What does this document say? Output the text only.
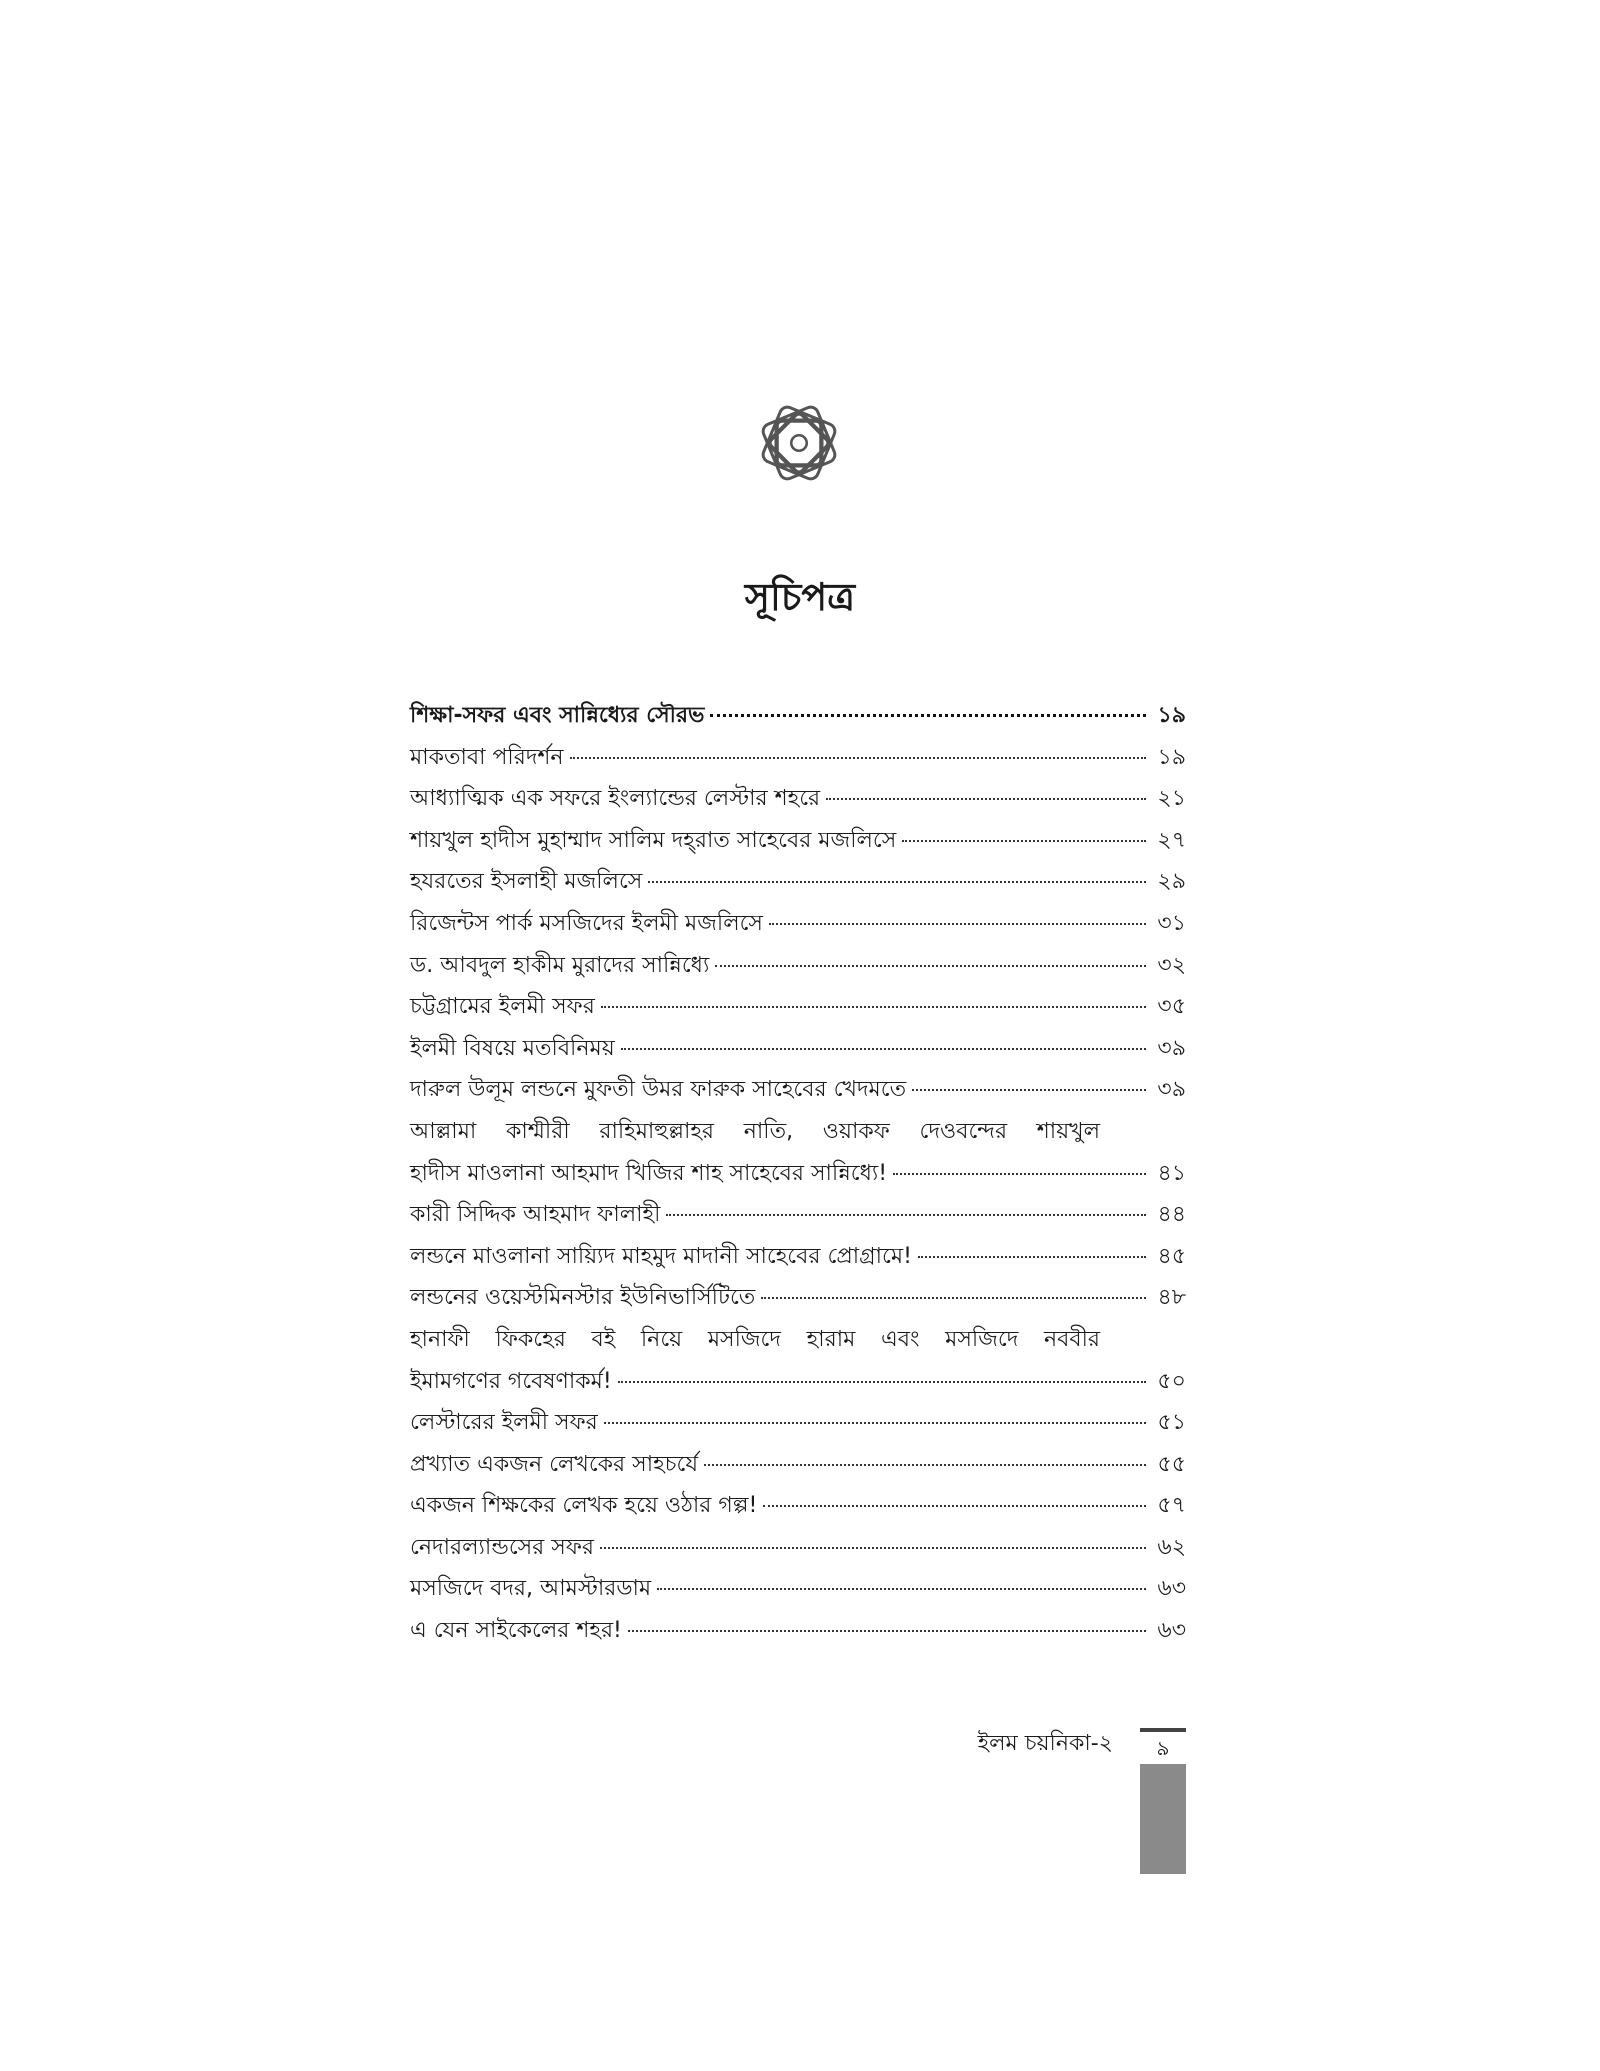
সূচিপত্র
শিক্ষা-সফর এবং সান্নিধ্যের সৌরভ	১৯
মাকতাবা পরিদর্শন	১৯
আধ্যাত্মিক এক সফরে ইংল্যান্ডের লেস্টার শহরে	২১
শায়খুল হাদীস মুহাম্মাদ সালিম দহ্‌রাত সাহেবের মজলিসে	২৭
হযরতের ইসলাহী মজলিসে	২৯
রিজেন্টস পার্ক মসজিদের ইলমী মজলিসে	৩১
ড. আবদুল হাকীম মুরাদের সান্নিধ্যে	৩২
চট্টগ্রামের ইলমী সফর	৩৫
ইলমী বিষয়ে মতবিনিময়	৩৯
দারুল উলূম লন্ডনে মুফতী উমর ফারুক সাহেবের খেদমতে	৩৯
আল্লামা কাশ্মীরী রাহিমাহুল্লাহর নাতি, ওয়াকফ দেওবন্দের শায়খুল
হাদীস মাওলানা আহমাদ খিজির শাহ সাহেবের সান্নিধ্যে!	৪১
কারী সিদ্দিক আহমাদ ফালাহী	৪৪
লন্ডনে মাওলানা সায়্যিদ মাহমুদ মাদানী সাহেবের প্রোগ্রামে!	৪৫
লন্ডনের ওয়েস্টমিনস্টার ইউনিভার্সিটিতে	৪৮
হানাফী ফিকহের বই নিয়ে মসজিদে হারাম এবং মসজিদে নববীর
ইমামগণের গবেষণাকর্ম!	৫০
লেস্টারের ইলমী সফর	৫১
প্রখ্যাত একজন লেখকের সাহচর্যে	৫৫
একজন শিক্ষকের লেখক হয়ে ওঠার গল্প!	৫৭
নেদারল্যান্ডসের সফর	৬২
মসজিদে বদর, আমস্টারডাম	৬৩
এ যেন সাইকেলের শহর!	৬৩
ইলম চয়নিকা-২	৯
